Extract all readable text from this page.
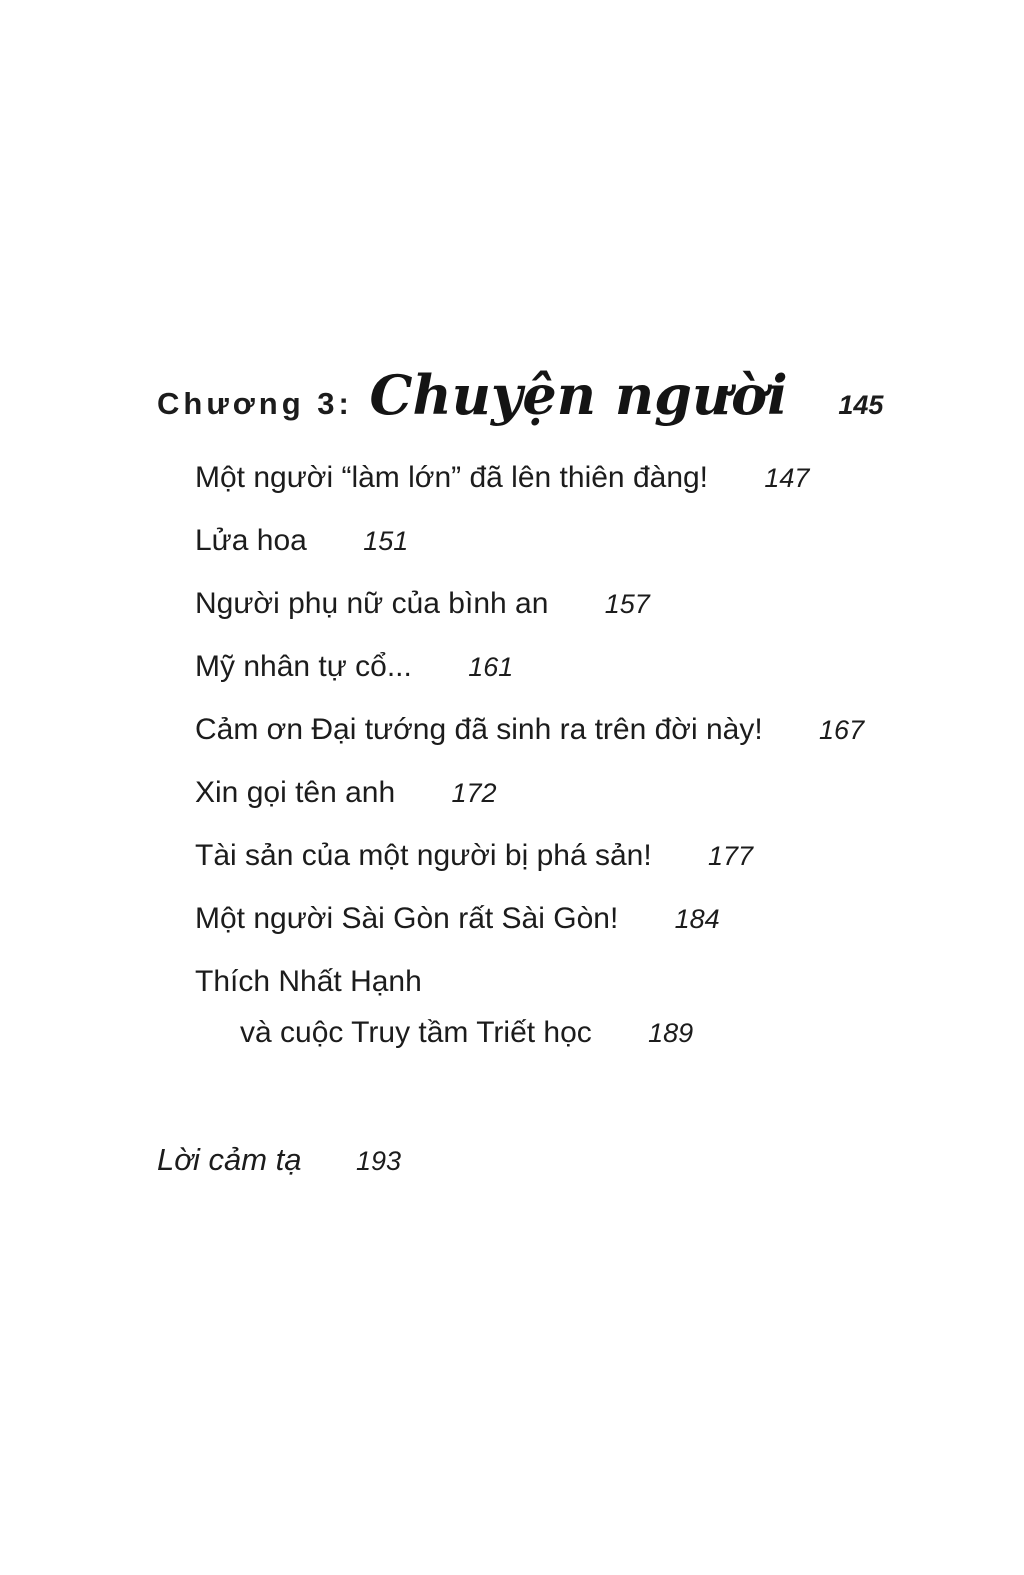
Chương 3: Chuyện người 145
Một người “làm lớn” đã lên thiên đàng! 147
Lửa hoa 151
Người phụ nữ của bình an 157
Mỹ nhân tự cổ... 161
Cảm ơn Đại tướng đã sinh ra trên đời này! 167
Xin gọi tên anh 172
Tài sản của một người bị phá sản! 177
Một người Sài Gòn rất Sài Gòn! 184
Thích Nhất Hạnh
và cuộc Truy tầm Triết học 189
Lời cảm tạ 193
